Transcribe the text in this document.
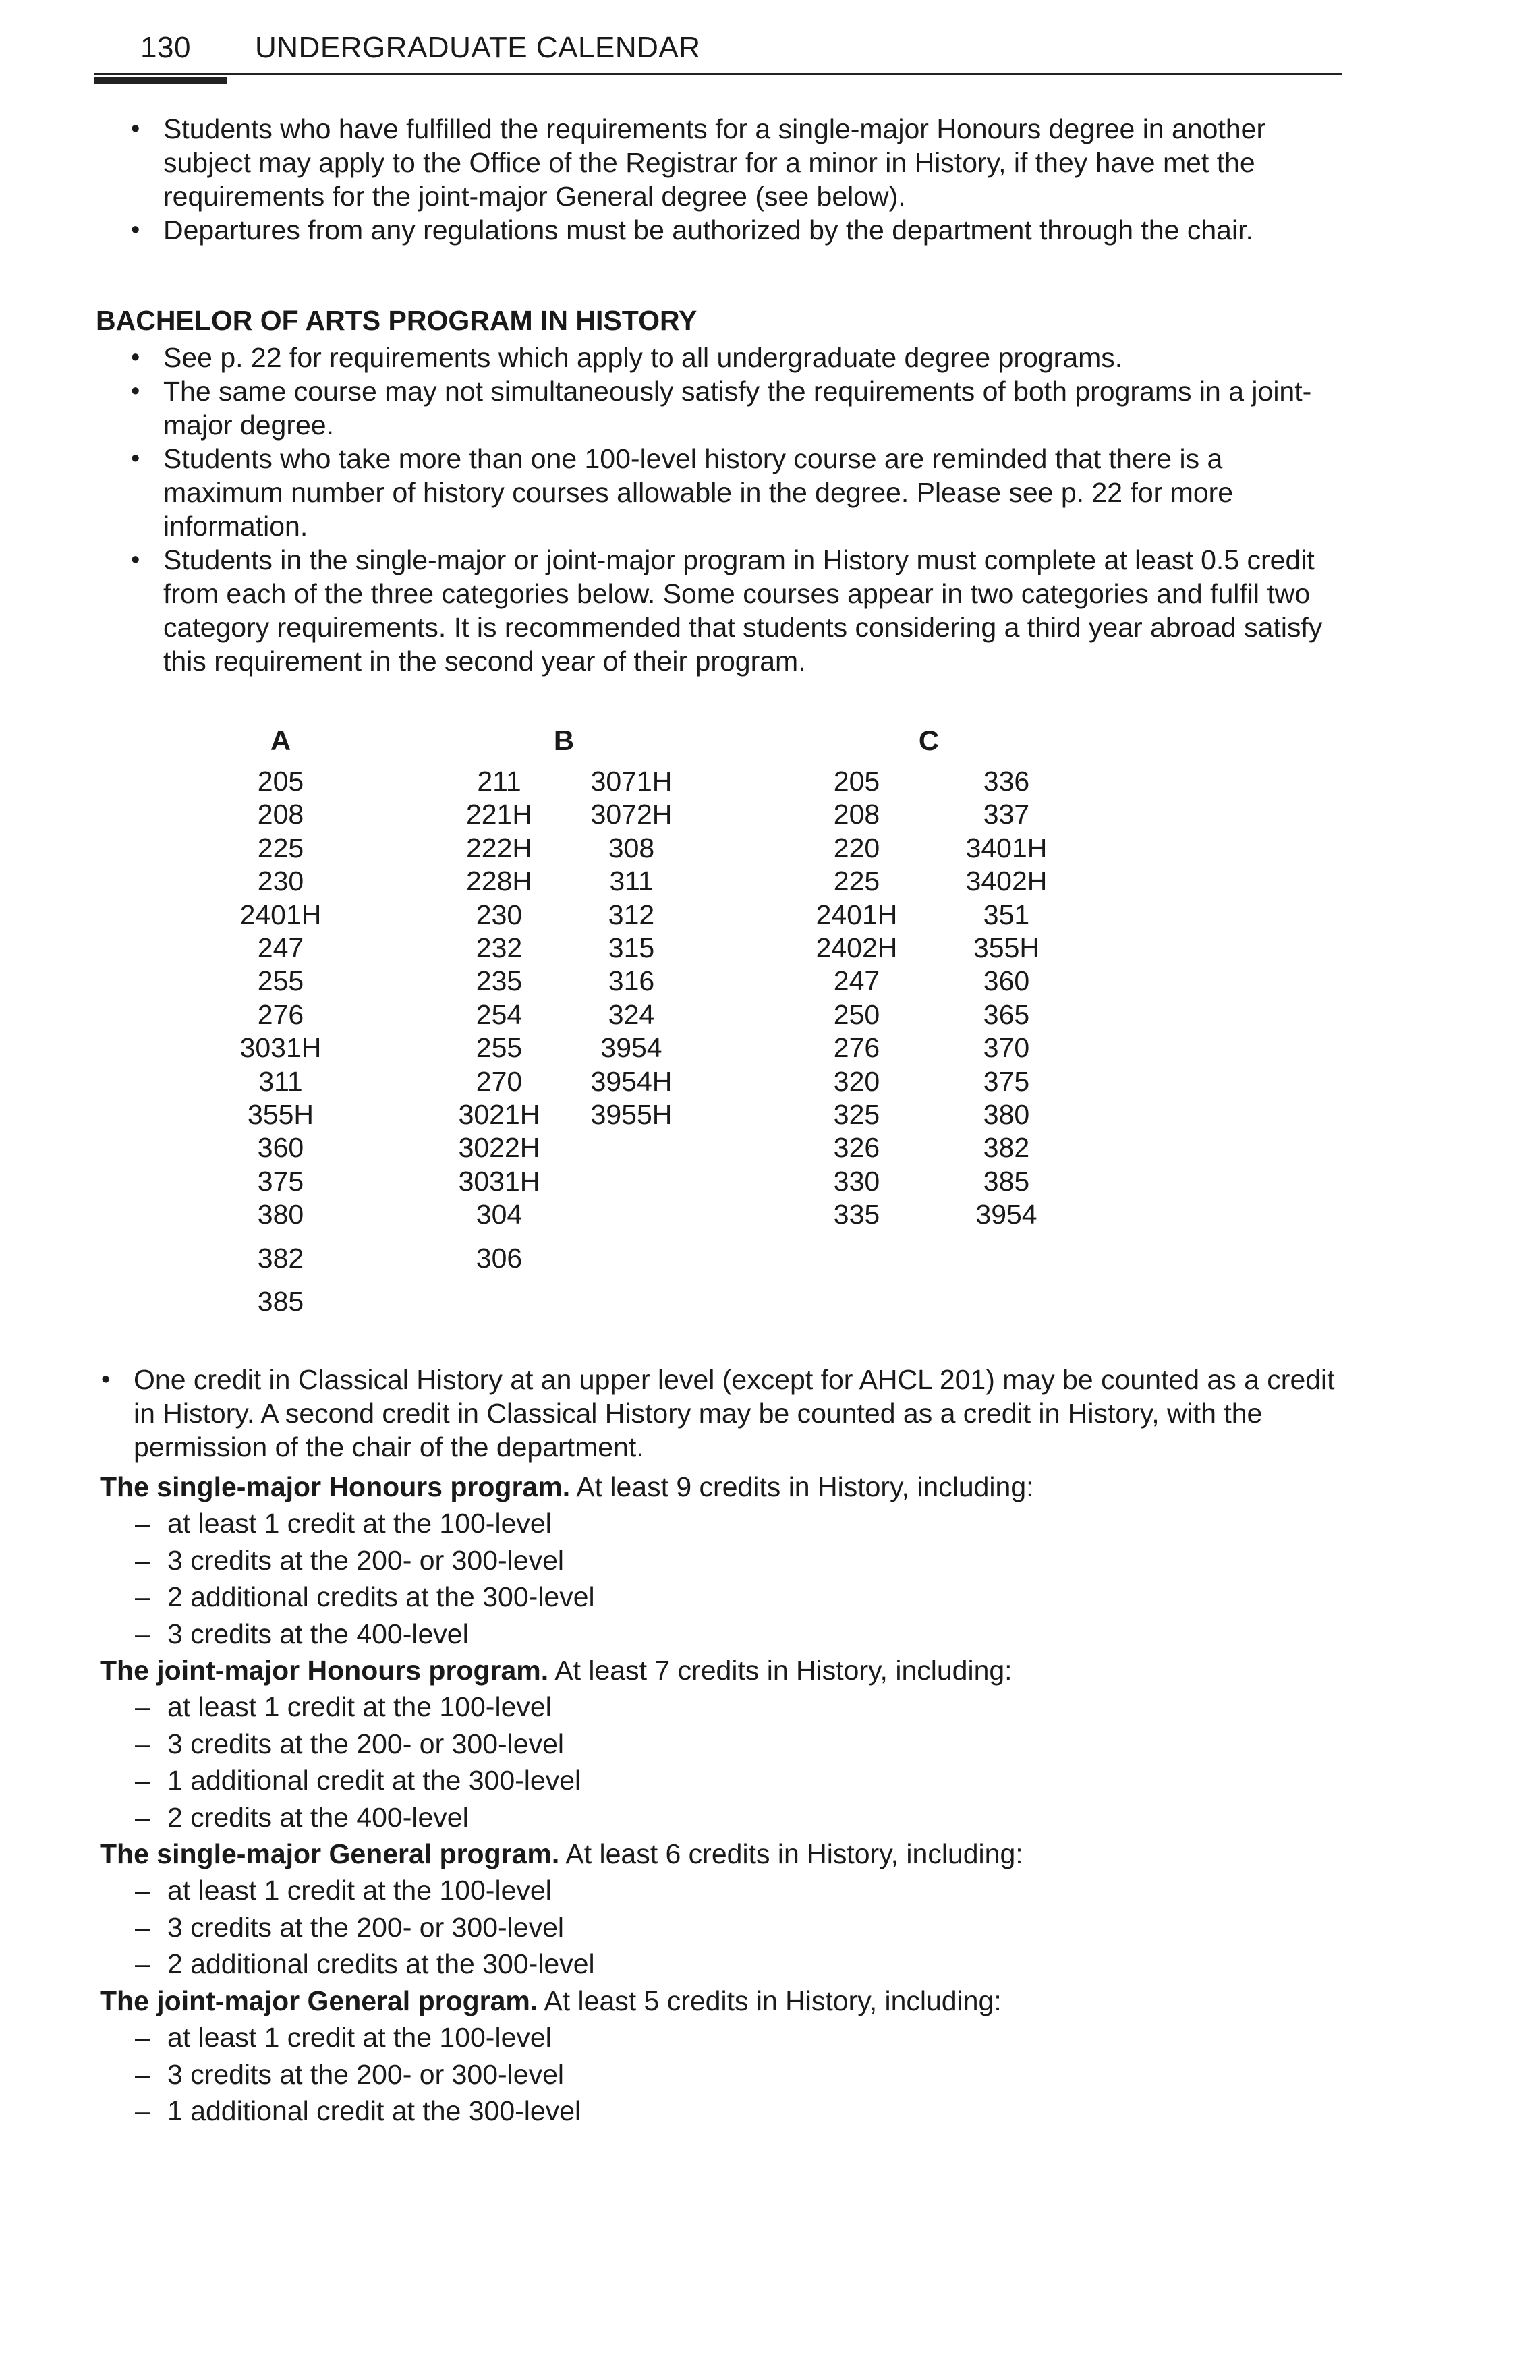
130 UNDERGRADUATE CALENDAR
• Students who have fulfilled the requirements for a single-major Honours degree in another subject may apply to the Office of the Registrar for a minor in History, if they have met the requirements for the joint-major General degree (see below).
• Departures from any regulations must be authorized by the department through the chair.
BACHELOR OF ARTS PROGRAM IN HISTORY
• See p. 22 for requirements which apply to all undergraduate degree programs.
• The same course may not simultaneously satisfy the requirements of both programs in a joint-major degree.
• Students who take more than one 100-level history course are reminded that there is a maximum number of history courses allowable in the degree. Please see p. 22 for more information.
• Students in the single-major or joint-major program in History must complete at least 0.5 credit from each of the three categories below. Some courses appear in two categories and fulfil two category requirements. It is recommended that students considering a third year abroad satisfy this requirement in the second year of their program.
A	B	C
205
208
225
230
2401H
247
255
276
3031H
311
355H
360
375
380
382
385
211
221H
222H
228H
230
232
235
254
255
270
3021H
3022H
3031H
304
306
3071H
3072H
308
311
312
315
316
324
3954
3954H
3955H
205
208
220
225
2401H
2402H
247
250
276
320
325
326
330
335
336
337
3401H
3402H
351
355H
360
365
370
375
380
382
385
3954
• One credit in Classical History at an upper level (except for AHCL 201) may be counted as a credit in History. A second credit in Classical History may be counted as a credit in History, with the permission of the chair of the department.
The single-major Honours program. At least 9 credits in History, including:
– at least 1 credit at the 100-level
– 3 credits at the 200- or 300-level
– 2 additional credits at the 300-level
– 3 credits at the 400-level
The joint-major Honours program. At least 7 credits in History, including:
– at least 1 credit at the 100-level
– 3 credits at the 200- or 300-level
– 1 additional credit at the 300-level
– 2 credits at the 400-level
The single-major General program. At least 6 credits in History, including:
– at least 1 credit at the 100-level
– 3 credits at the 200- or 300-level
– 2 additional credits at the 300-level
The joint-major General program. At least 5 credits in History, including:
– at least 1 credit at the 100-level
– 3 credits at the 200- or 300-level
– 1 additional credit at the 300-level
